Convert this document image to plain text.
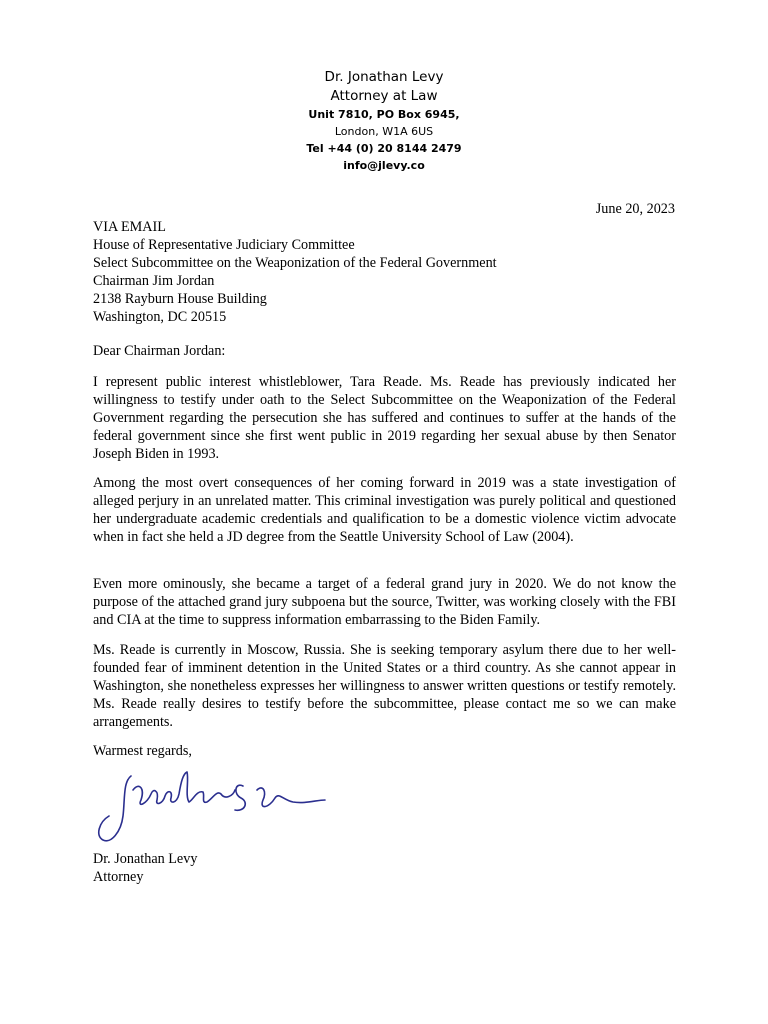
Dr. Jonathan Levy
Attorney at Law
Unit 7810, PO Box 6945,
London, W1A 6US
Tel +44 (0) 20 8144 2479
info@jlevy.co
June 20, 2023
VIA EMAIL
House of Representative Judiciary Committee
Select Subcommittee on the Weaponization of the Federal Government
Chairman Jim Jordan
2138 Rayburn House Building
Washington, DC 20515
Dear Chairman Jordan:
I represent public interest whistleblower, Tara Reade. Ms. Reade has previously indicated her willingness to testify under oath to the Select Subcommittee on the Weaponization of the Federal Government regarding the persecution she has suffered and continues to suffer at the hands of the federal government since she first went public in 2019 regarding her sexual abuse by then Senator Joseph Biden in 1993.
Among the most overt consequences of her coming forward in 2019 was a state investigation of alleged perjury in an unrelated matter. This criminal investigation was purely political and questioned her undergraduate academic credentials and qualification to be a domestic violence victim advocate when in fact she held a JD degree from the Seattle University School of Law (2004).
Even more ominously, she became a target of a federal grand jury in 2020. We do not know the purpose of the attached grand jury subpoena but the source, Twitter, was working closely with the FBI and CIA at the time to suppress information embarrassing to the Biden Family.
Ms. Reade is currently in Moscow, Russia. She is seeking temporary asylum there due to her well-founded fear of imminent detention in the United States or a third country. As she cannot appear in Washington, she nonetheless expresses her willingness to answer written questions or testify remotely. Ms. Reade really desires to testify before the subcommittee, please contact me so we can make arrangements.
Warmest regards,
Dr. Jonathan Levy
Attorney
